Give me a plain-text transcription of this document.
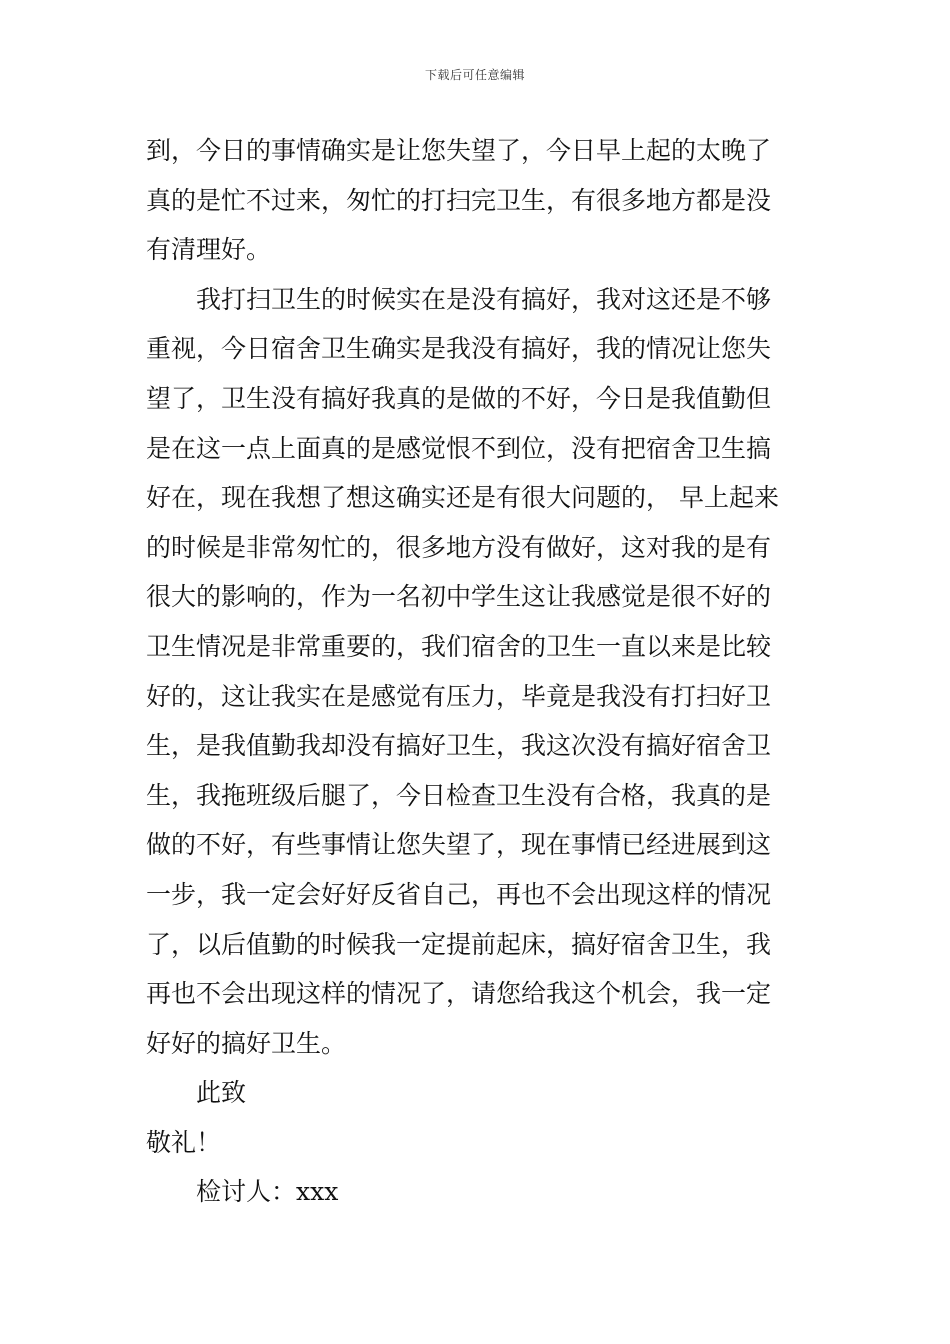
下载后可任意编辑
到，今日的事情确实是让您失望了，今日早上起的太晚了
真的是忙不过来，匆忙的打扫完卫生，有很多地方都是没
有清理好。
我打扫卫生的时候实在是没有搞好，我对这还是不够
重视，今日宿舍卫生确实是我没有搞好，我的情况让您失
望了，卫生没有搞好我真的是做的不好，今日是我值勤但
是在这一点上面真的是感觉恨不到位，没有把宿舍卫生搞
好在，现在我想了想这确实还是有很大问题的， 早上起来
的时候是非常匆忙的，很多地方没有做好，这对我的是有
很大的影响的，作为一名初中学生这让我感觉是很不好的
卫生情况是非常重要的，我们宿舍的卫生一直以来是比较
好的，这让我实在是感觉有压力，毕竟是我没有打扫好卫
生，是我值勤我却没有搞好卫生，我这次没有搞好宿舍卫
生，我拖班级后腿了，今日检查卫生没有合格，我真的是
做的不好，有些事情让您失望了，现在事情已经进展到这
一步，我一定会好好反省自己，再也不会出现这样的情况
了，以后值勤的时候我一定提前起床，搞好宿舍卫生，我
再也不会出现这样的情况了，请您给我这个机会，我一定
好好的搞好卫生。
此致
敬礼！
检讨人：xxx
